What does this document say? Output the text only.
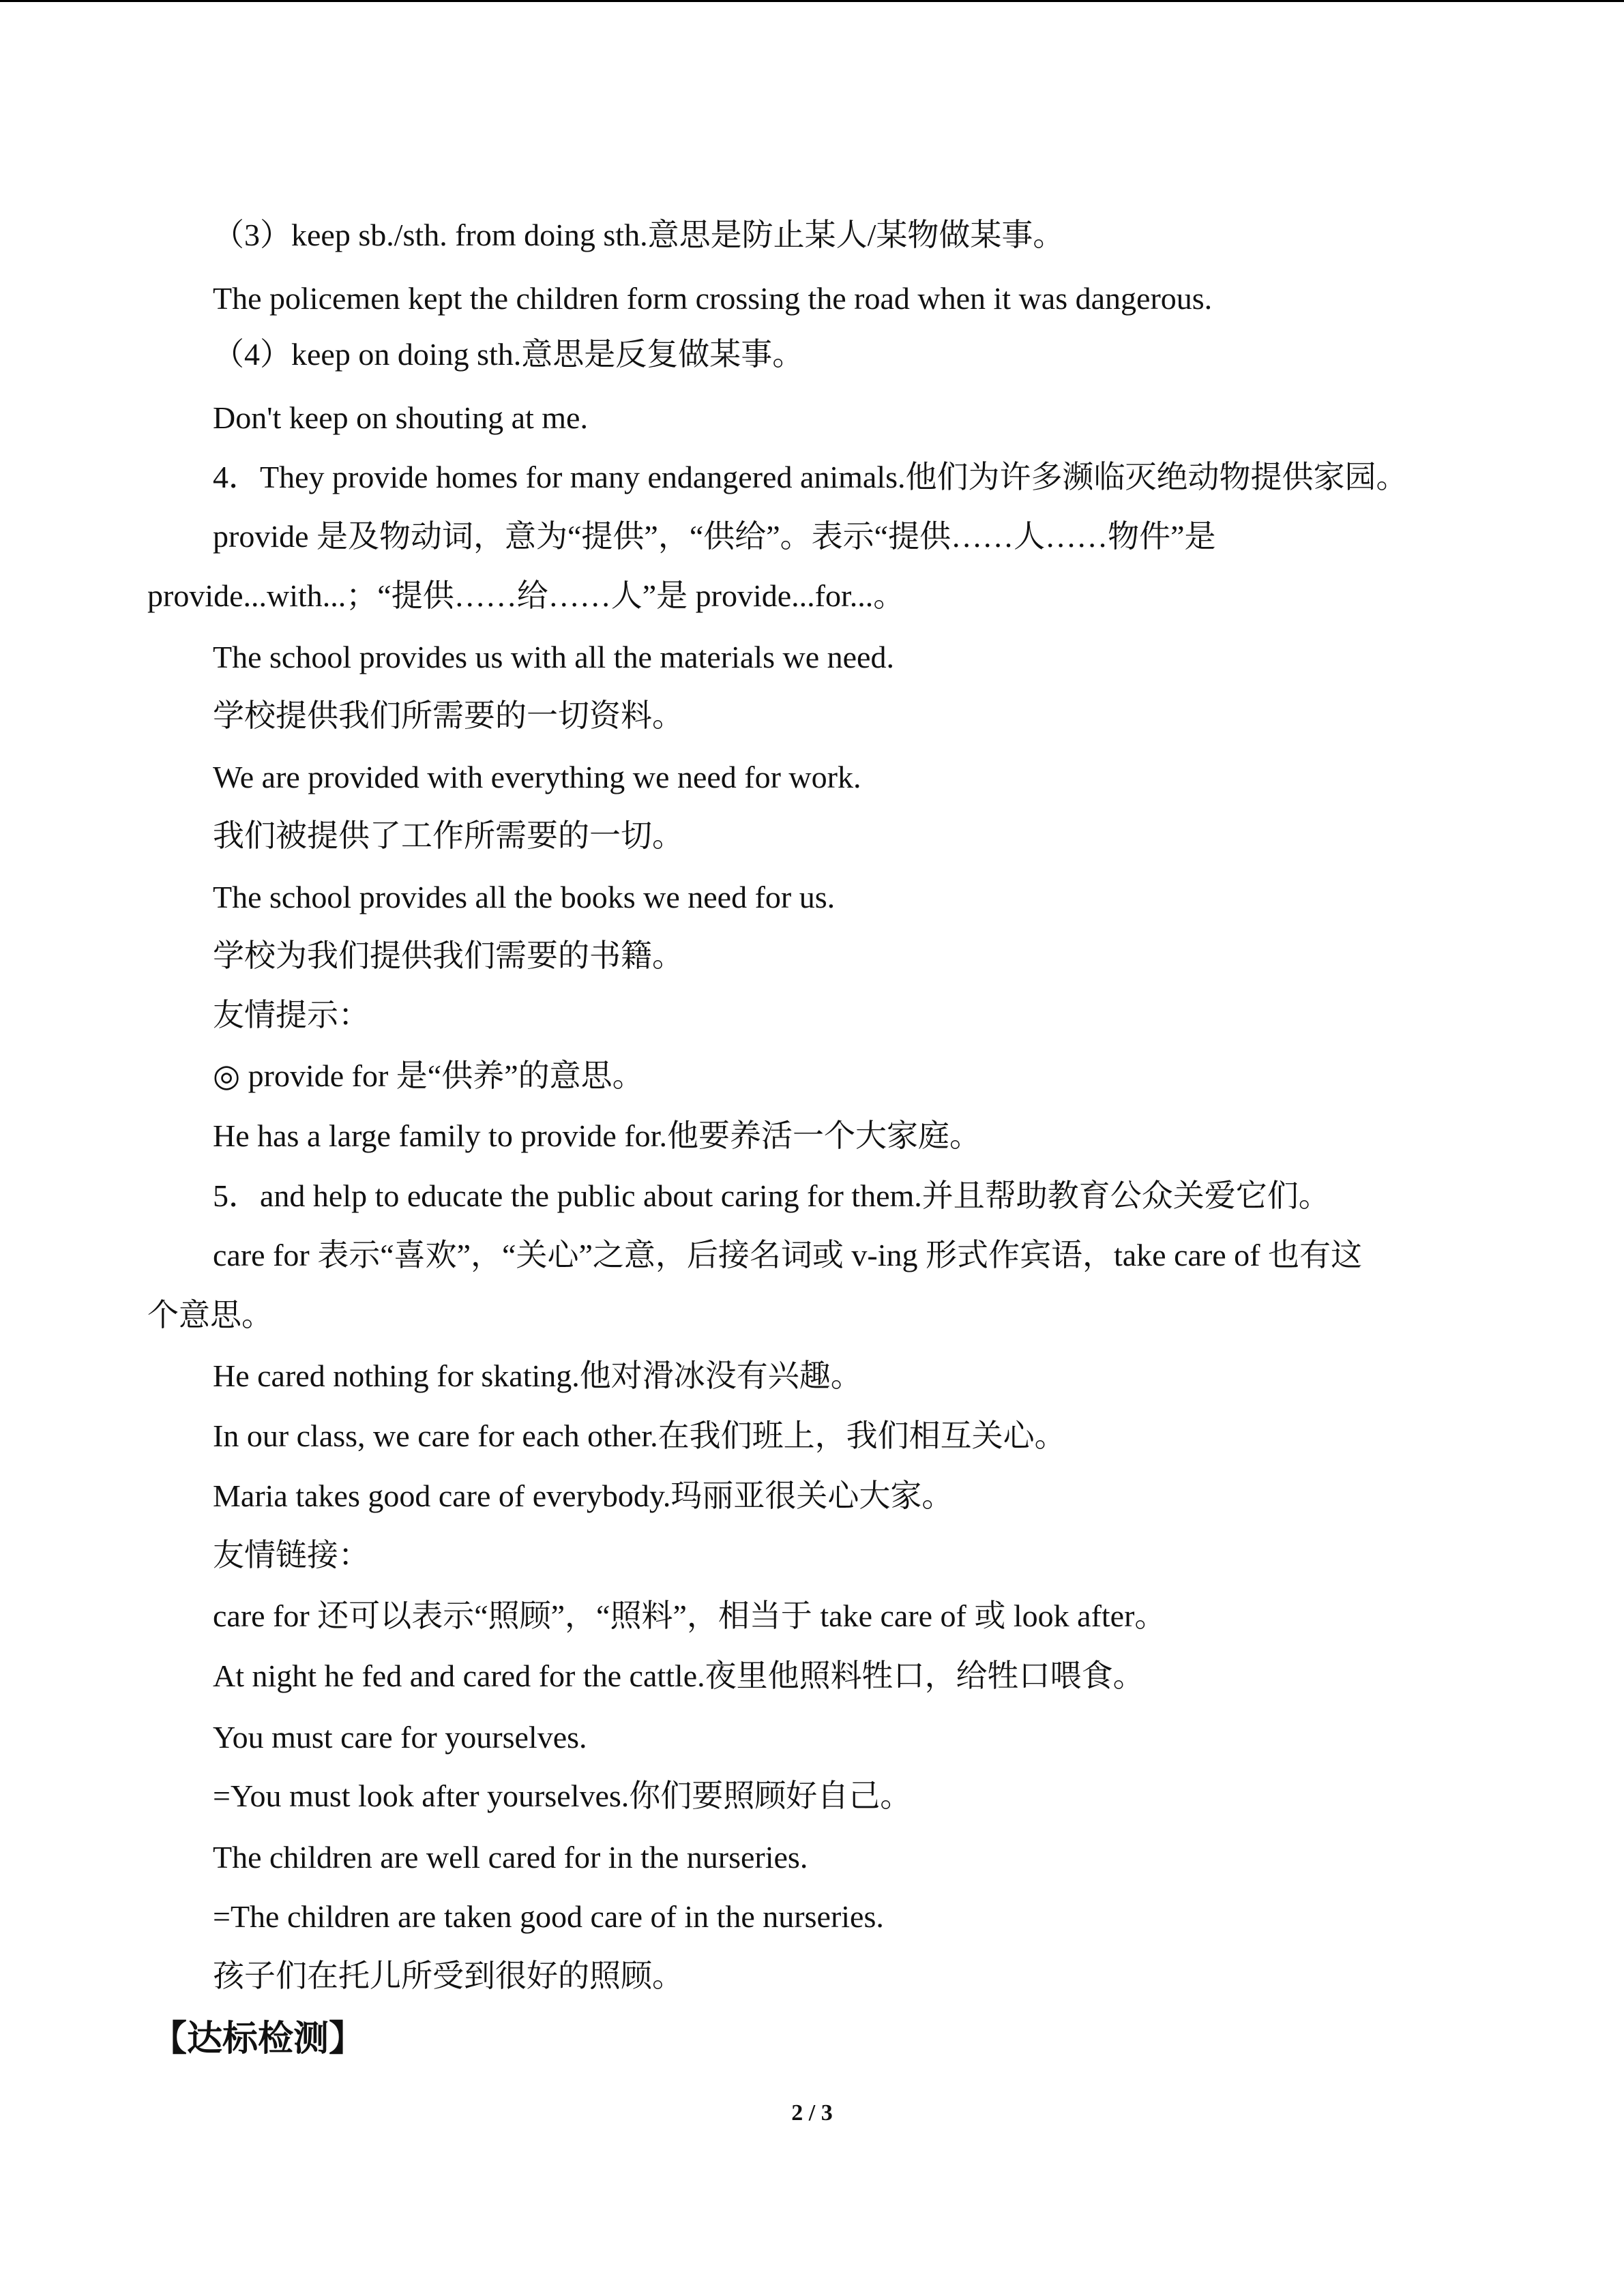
（3）keep sb./sth. from doing sth.意思是防止某人/某物做某事。
The policemen kept the children form crossing the road when it was dangerous.
（4）keep on doing sth.意思是反复做某事。
Don't keep on shouting at me.
4．They provide homes for many endangered animals.他们为许多濒临灭绝动物提供家园。
provide 是及物动词，意为“提供”，“供给”。表示“提供……人……物件”是
provide...with...；“提供……给……人”是 provide...for...。
The school provides us with all the materials we need.
学校提供我们所需要的一切资料。
We are provided with everything we need for work.
我们被提供了工作所需要的一切。
The school provides all the books we need for us.
学校为我们提供我们需要的书籍。
友情提示：
◎ provide for 是“供养”的意思。
He has a large family to provide for.他要养活一个大家庭。
5．and help to educate the public about caring for them.并且帮助教育公众关爱它们。
care for 表示“喜欢”，“关心”之意，后接名词或 v-ing 形式作宾语，take care of 也有这
个意思。
He cared nothing for skating.他对滑冰没有兴趣。
In our class, we care for each other.在我们班上，我们相互关心。
Maria takes good care of everybody.玛丽亚很关心大家。
友情链接：
care for 还可以表示“照顾”，“照料”，相当于 take care of 或 look after。
At night he fed and cared for the cattle.夜里他照料牲口，给牲口喂食。
You must care for yourselves.
=You must look after yourselves.你们要照顾好自己。
The children are well cared for in the nurseries.
=The children are taken good care of in the nurseries.
孩子们在托儿所受到很好的照顾。
【达标检测】
2 / 3
